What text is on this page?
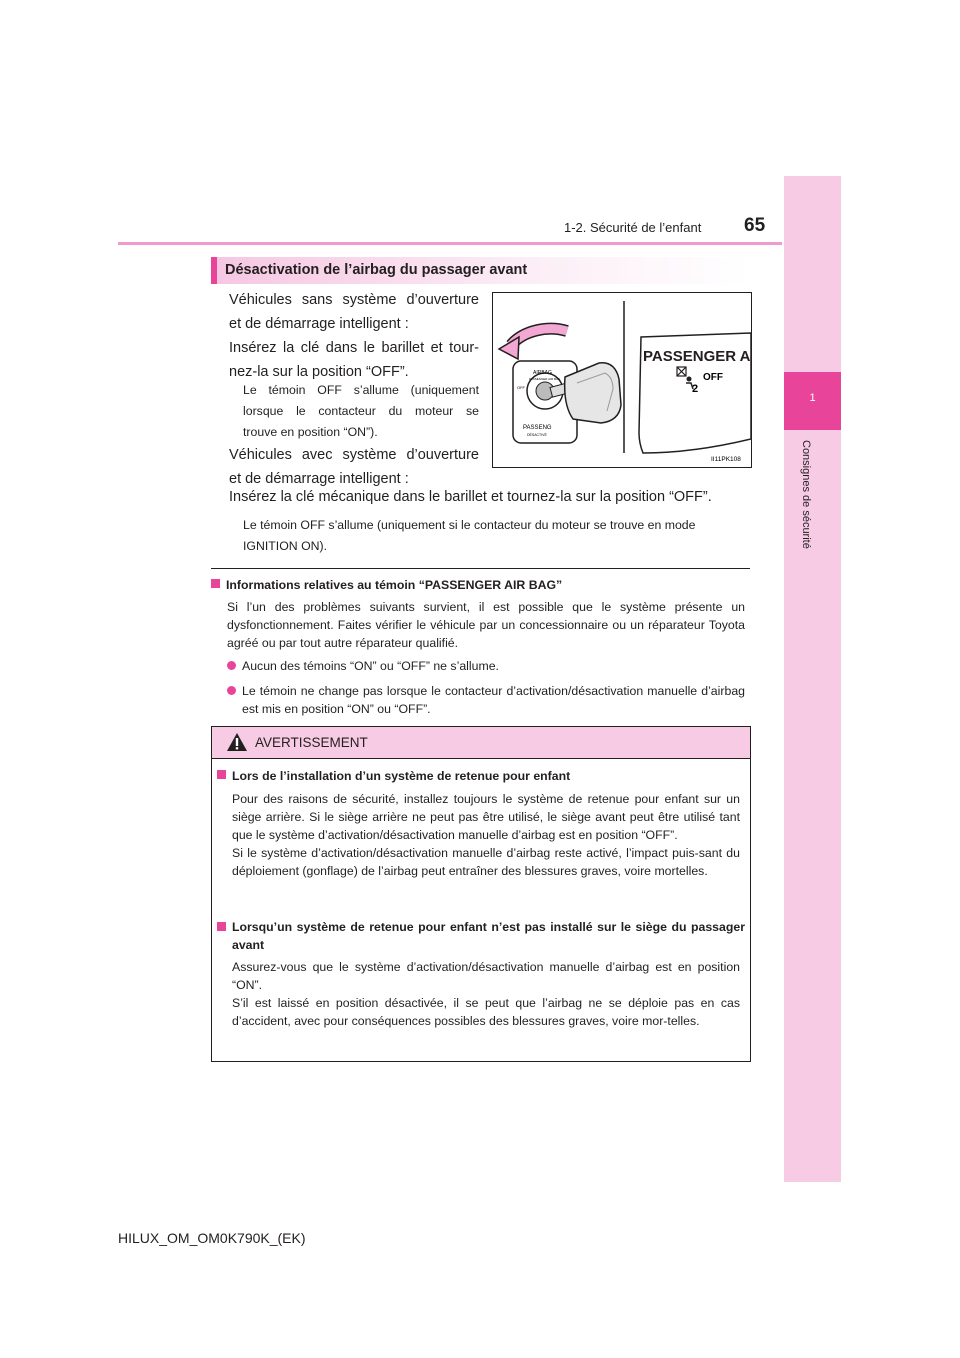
1-2. Sécurité de l’enfant 65
1
Consignes de sécurité
Désactivation de l’airbag du passager avant
Véhicules sans système d’ouverture
et de démarrage intelligent :
Insérez la clé dans le barillet et tour-
nez-la sur la position “OFF”.
Le témoin OFF s’allume (uniquement
lorsque le contacteur du moteur se
trouve en position “ON”).
Véhicules avec système d’ouverture
et de démarrage intelligent :
Insérez la clé mécanique dans le barillet et tournez-la sur la position “OFF”.
Le témoin OFF s’allume (uniquement si le contacteur du moteur se trouve en mode IGNITION ON).
AIRBAG
PASSENGER AIR BAG
OFF
PASSENG
DÉSACTIVÉ
PASSENGER A
2
OFF
II11PK108
Informations relatives au témoin “PASSENGER AIR BAG”
Si l’un des problèmes suivants survient, il est possible que le système présente un dysfonctionnement. Faites vérifier le véhicule par un concessionnaire ou un réparateur Toyota agréé ou par tout autre réparateur qualifié.
Aucun des témoins “ON” ou “OFF” ne s’allume.
Le témoin ne change pas lorsque le contacteur d’activation/désactivation manuelle d’airbag est mis en position “ON” ou “OFF”.
AVERTISSEMENT
Lors de l’installation d’un système de retenue pour enfant
Pour des raisons de sécurité, installez toujours le système de retenue pour enfant sur un siège arrière. Si le siège arrière ne peut pas être utilisé, le siège avant peut être utilisé tant que le système d’activation/désactivation manuelle d’airbag est en position “OFF”.
Si le système d’activation/désactivation manuelle d’airbag reste activé, l’impact puis-sant du déploiement (gonflage) de l’airbag peut entraîner des blessures graves, voire mortelles.
Lorsqu’un système de retenue pour enfant n’est pas installé sur le siège du passager avant
Assurez-vous que le système d’activation/désactivation manuelle d’airbag est en position “ON”.
S’il est laissé en position désactivée, il se peut que l’airbag ne se déploie pas en cas d’accident, avec pour conséquences possibles des blessures graves, voire mor-telles.
HILUX_OM_OM0K790K_(EK)
